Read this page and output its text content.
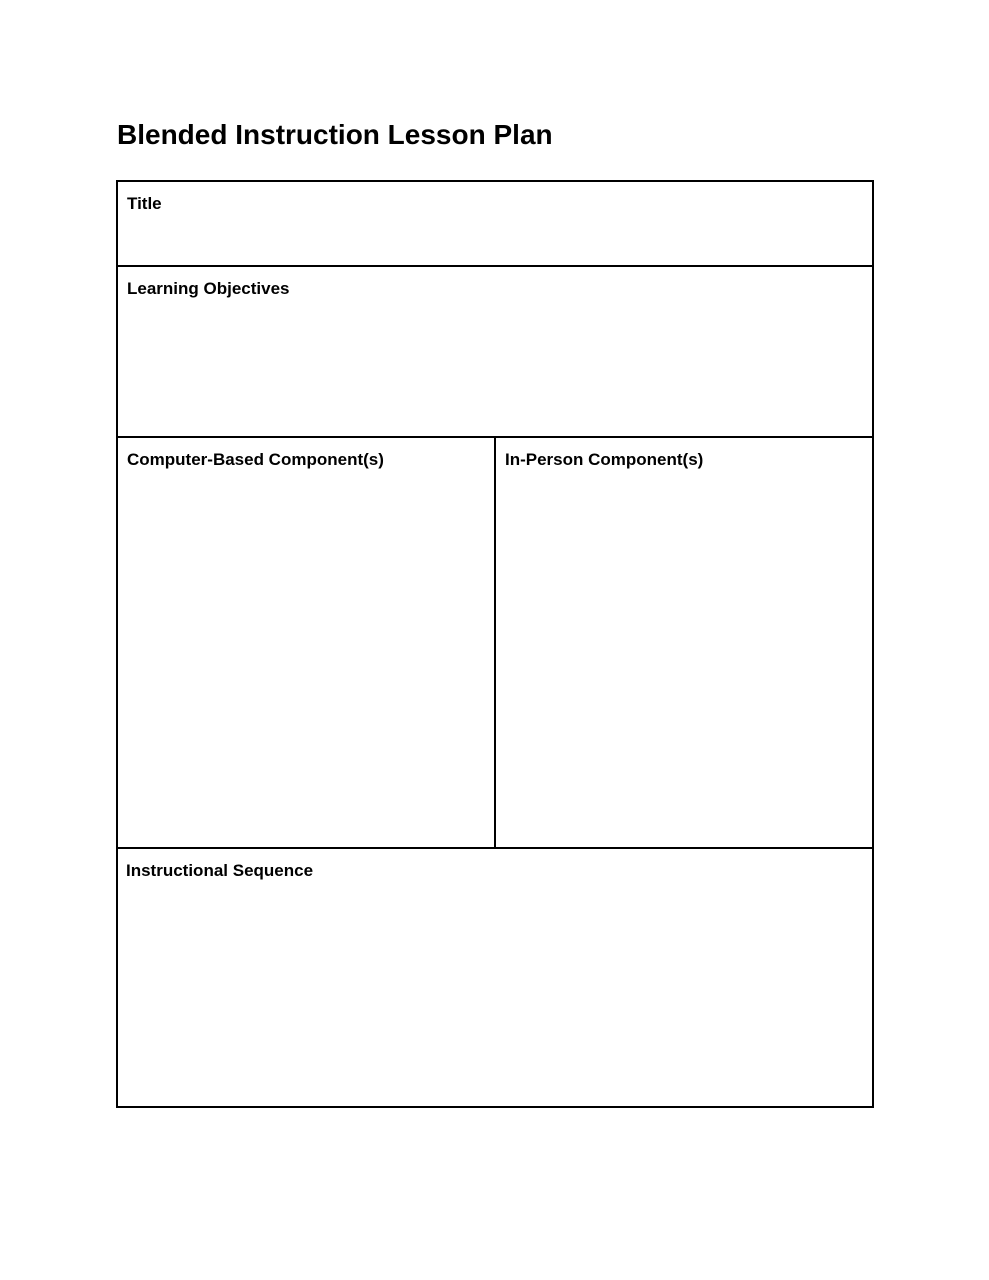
Blended Instruction Lesson Plan
Title

Learning Objectives

Computer-Based Component(s)	In-Person Component(s)

Instructional Sequence
